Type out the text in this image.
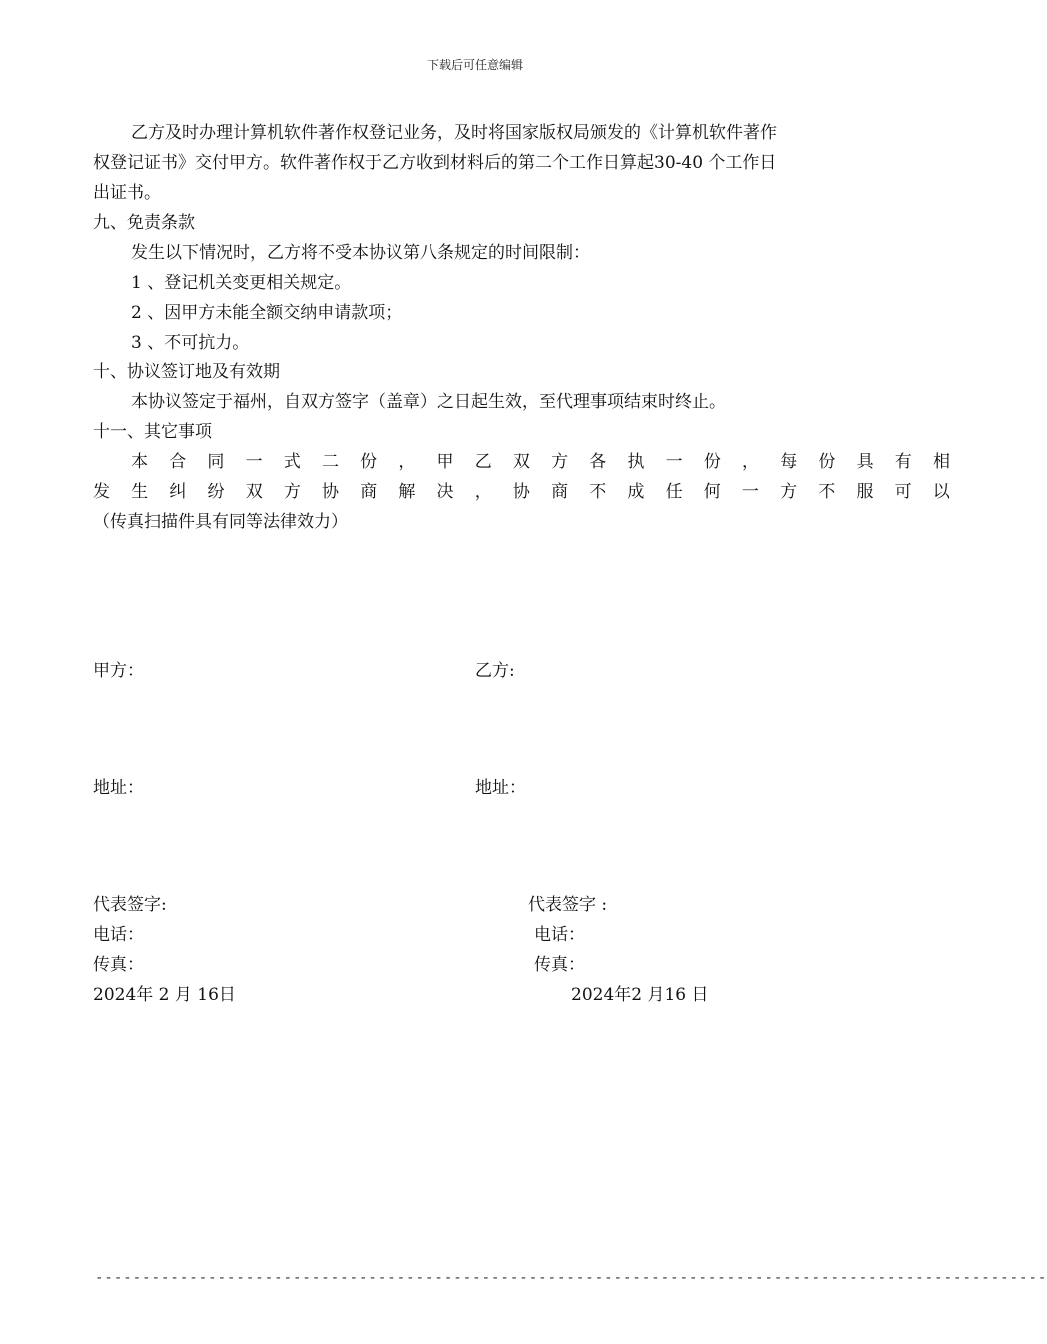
下载后可任意编辑
乙方及时办理计算机软件著作权登记业务，及时将国家版权局颁发的《计算机软件著作
权登记证书》交付甲方。软件著作权于乙方收到材料后的第二个工作日算起30-40 个工作日
出证书。
九、免责条款
发生以下情况时，乙方将不受本协议第八条规定的时间限制：
1 、登记机关变更相关规定。
2 、因甲方未能全额交纳申请款项；
3 、不可抗力。
十、协议签订地及有效期
本协议签定于福州，自双方签字（盖章）之日起生效，至代理事项结束时终止。
十一、其它事项
本 合 同 一 式 二 份 ， 甲 乙 双 方 各 执 一 份 ， 每 份 具 有 相
发 生 纠 纷 双 方 协 商 解 决 ， 协 商 不 成 任 何 一 方 不 服 可 以
（传真扫描件具有同等法律效力）
甲方：	乙方:
地址：	地址：
代表签字:	代表签字 :
电话：	电话：
传真：	传真：
2024年 2 月 16日	2024年2 月16 日
-----------------------------------------------------------------------------------------------------
